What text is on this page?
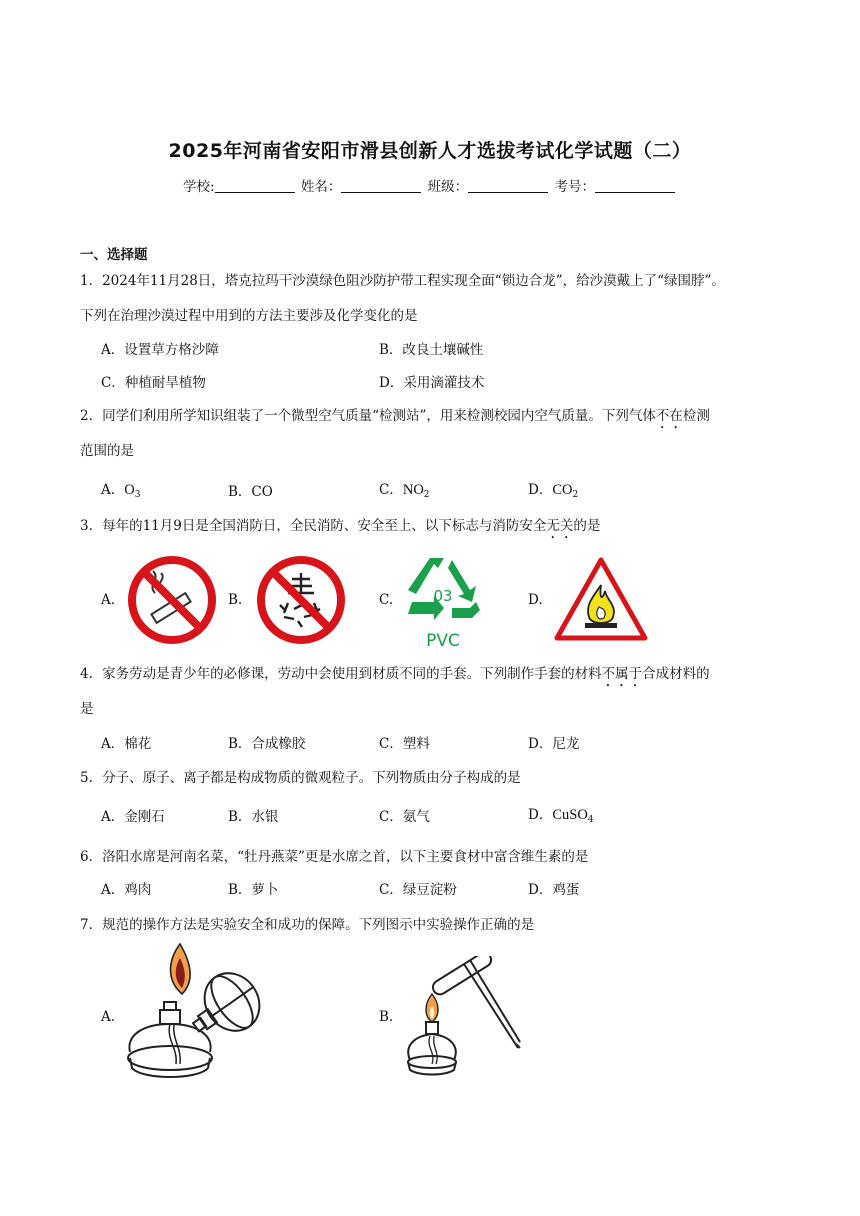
2025年河南省安阳市滑县创新人才选拔考试化学试题（二）
学校:	姓名：	班级：	考号：
一、选择题
1．2024年11月28日，塔克拉玛干沙漠绿色阻沙防护带工程实现全面“锁边合龙”，给沙漠戴上了“绿围脖”。
下列在治理沙漠过程中用到的方法主要涉及化学变化的是
A．设置草方格沙障	B．改良土壤碱性
C．种植耐旱植物	D．采用滴灌技术
2．同学们利用所学知识组装了一个微型空气质量“检测站”，用来检测校园内空气质量。下列气体不在检测
范围的是
A．$O_3$	B．CO	C．$NO_2$	D．$CO_2$
3．每年的11月9日是全国消防日，全民消防、安全至上、以下标志与消防安全无关的是
A.	B.	C.	03
PVC
D.
4．家务劳动是青少年的必修课，劳动中会使用到材质不同的手套。下列制作手套的材料不属于合成材料的
是
A．棉花	B．合成橡胶	C．塑料	D．尼龙
5．分子、原子、离子都是构成物质的微观粒子。下列物质由分子构成的是
A．金刚石	B．水银	C．氨气	D．CuSO$_4$
6．洛阳水席是河南名菜，“牡丹燕菜”更是水席之首，以下主要食材中富含维生素的是
A．鸡肉	B．萝卜	C．绿豆淀粉	D．鸡蛋
7．规范的操作方法是实验安全和成功的保障。下列图示中实验操作正确的是
A.	B.
